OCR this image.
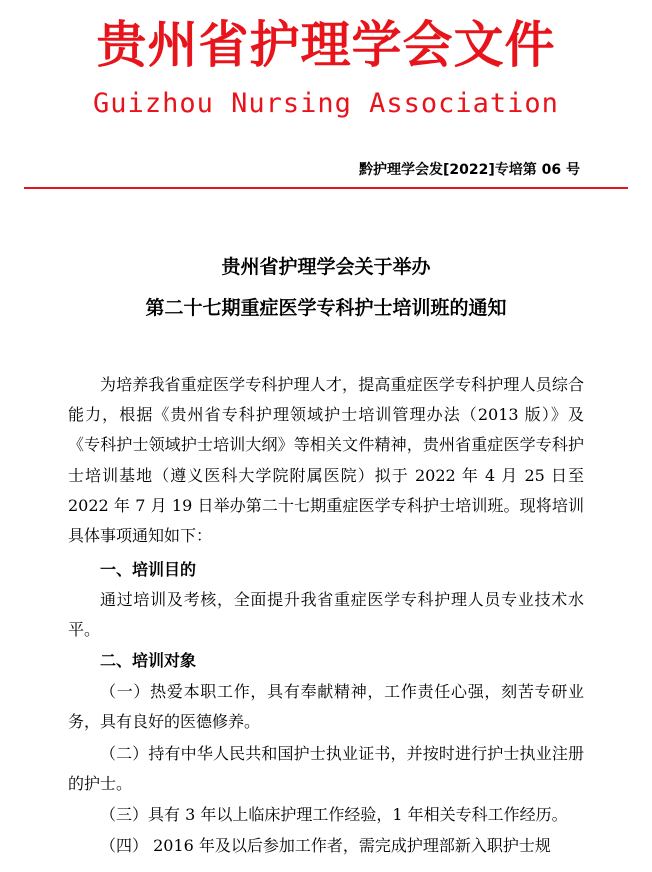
贵州省护理学会文件
Guizhou Nursing Association
黔护理学会发[2022]专培第 06 号
贵州省护理学会关于举办
第二十七期重症医学专科护士培训班的通知

为培养我省重症医学专科护理人才，提高重症医学专科护理人员综合能力，根据《贵州省专科护理领域护士培训管理办法（2013 版）》及《专科护士领域护士培训大纲》等相关文件精神，贵州省重症医学专科护士培训基地（遵义医科大学院附属医院）拟于 2022 年 4 月 25 日至 2022 年 7 月 19 日举办第二十七期重症医学专科护士培训班。现将培训具体事项通知如下：

一、培训目的

通过培训及考核，全面提升我省重症医学专科护理人员专业技术水平。

二、培训对象

（一）热爱本职工作，具有奉献精神，工作责任心强，刻苦专研业务，具有良好的医德修养。

（二）持有中华人民共和国护士执业证书，并按时进行护士执业注册的护士。

（三）具有 3 年以上临床护理工作经验，1 年相关专科工作经历。

（四） 2016 年及以后参加工作者，需完成护理部新入职护士规
